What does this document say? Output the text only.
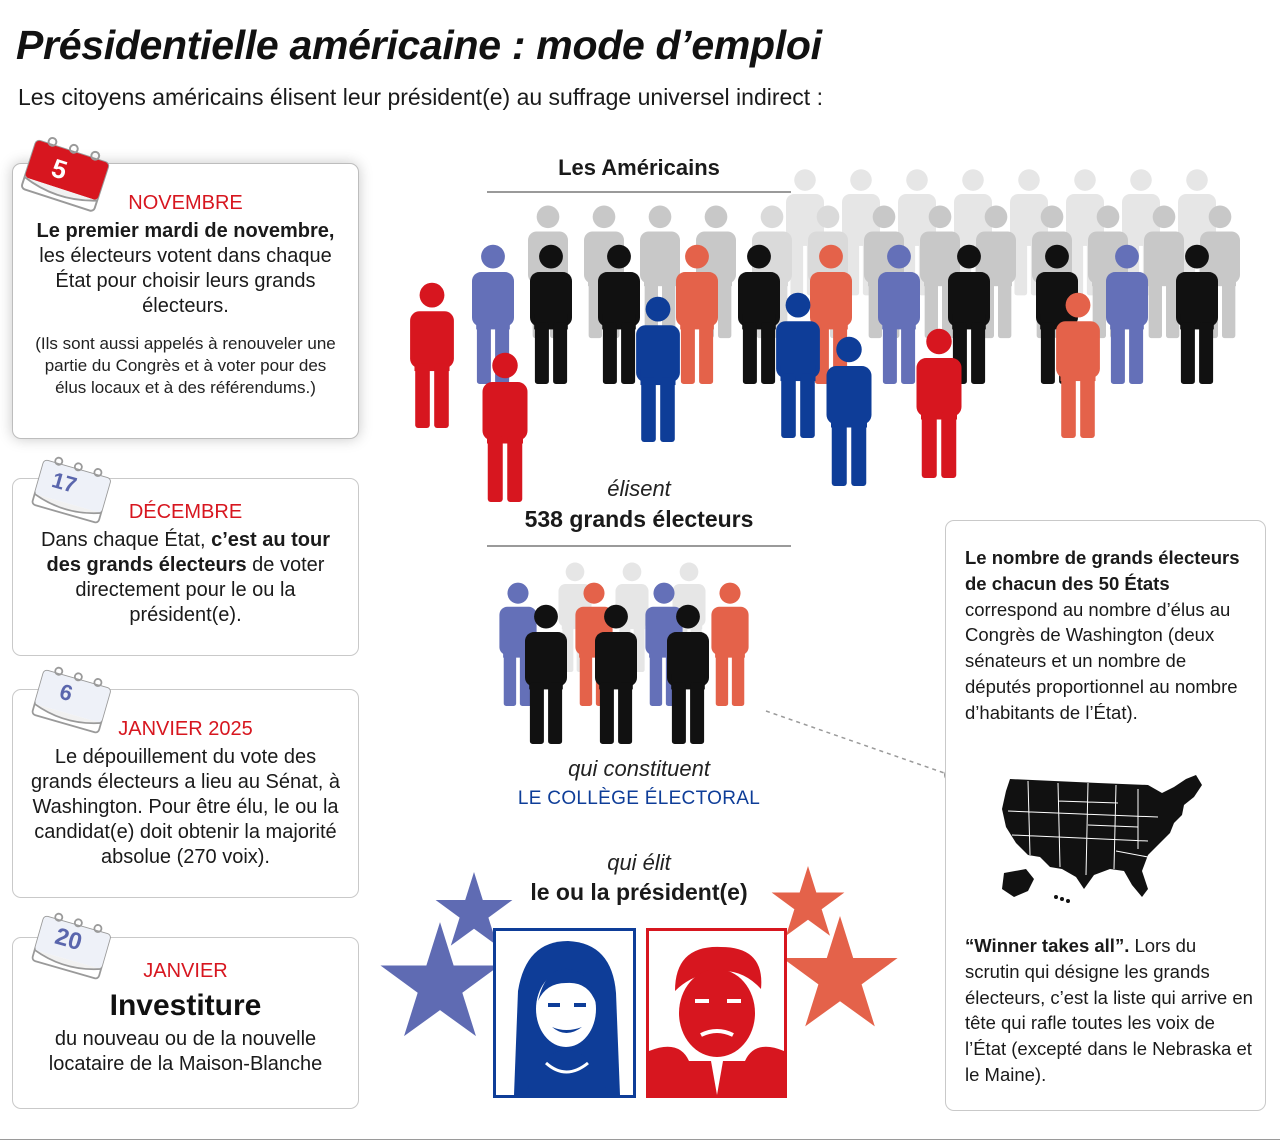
Présidentielle américaine : mode d’emploi
Les citoyens américains élisent leur président(e) au suffrage universel indirect :
NOVEMBRE
Le premier mardi de novembre, les électeurs votent dans chaque État pour choisir leurs grands électeurs.
(Ils sont aussi appelés à renouveler une partie du Congrès et à voter pour des élus locaux et à des référendums.)
5
DÉCEMBRE
Dans chaque État, c’est au tour des grands électeurs de voter directement pour le ou la président(e).
17
JANVIER 2025
Le dépouillement du vote des grands électeurs a lieu au Sénat, à Washington. Pour être élu, le ou la candidat(e) doit obtenir la majorité absolue (270 voix).
6
JANVIER
Investiture
du nouveau ou de la nouvelle locataire de la Maison-Blanche
20
Les Américains
élisent
538 grands électeurs
qui constituent
LE COLLÈGE ÉLECTORAL
qui élit
le ou la président(e)
Le nombre de grands électeurs de chacun des 50 États correspond au nombre d’élus au Congrès de Washington (deux sénateurs et un nombre de députés proportionnel au nombre d’habitants de l’État).
“Winner takes all”. Lors du scrutin qui désigne les grands électeurs, c’est la liste qui arrive en tête qui rafle toutes les voix de l’État (excepté dans le Nebraska et le Maine).
